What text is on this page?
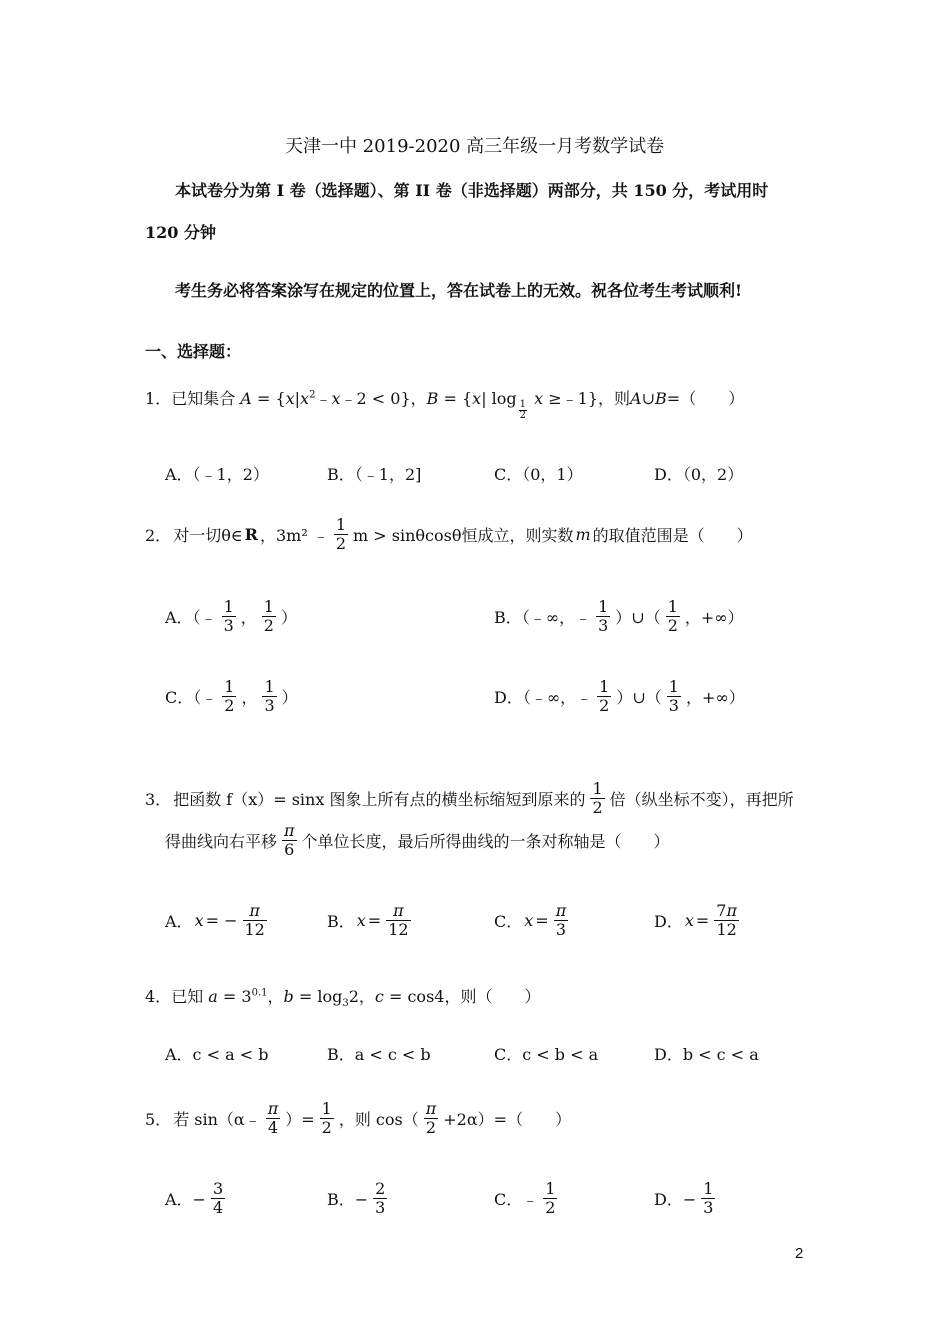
天津一中 2019-2020 高三年级一月考数学试卷
本试卷分为第 I 卷（选择题）、第 II 卷（非选择题）两部分，共 150 分，考试用时
120 分钟
考生务必将答案涂写在规定的位置上，答在试卷上的无效。祝各位考生考试顺利!
一、选择题：
1．已知集合 $A = \{x|x^2﹣x﹣2 < 0\}$，B = {x| log
$\frac{1}{2}$
x ≥﹣1}，则A∪B=（　　）
A．（﹣1，2）	B．（﹣1，2]	C．（0，1）	D．（0，2）
2． 对一切θ∈ R ，3m² ﹣ $\frac{1}{2}$ m > sinθcosθ恒成立，则实数 m 的取值范围是（　　）
A．（﹣ $\frac{1}{3}$ ， $\frac{1}{2}$ ）	B．（﹣∞，﹣ $\frac{1}{3}$ ）∪（ $\frac{1}{2}$ ，+∞）
C．（﹣ $\frac{1}{2}$ ， $\frac{1}{3}$ ）	D．（﹣∞，﹣ $\frac{1}{2}$ ）∪（ $\frac{1}{3}$ ，+∞）
3． 把函数 f（x）= sinx 图象上所有点的横坐标缩短到原来的 $\frac{1}{2}$ 倍（纵坐标不变），再把所
得曲线向右平移 $\frac{\pi}{6}$ 个单位长度，最后所得曲线的一条对称轴是（　　）
A． x = − $\frac{\pi}{12}$	B． $x = \frac{\pi}{12}$	C． $x = \frac{\pi}{3}$	D． $x = \frac{7\pi}{12}$
4．已知 $a = 3^{0.1}$，$b = \log_32$，c = cos4，则（　　）
A．c < a < b	B．a < c < b	C．c < b < a	D．b < c < a
5． 若 sin（α﹣ $\frac{\pi}{4}$ ）= $\frac{1}{2}$ ，则 $\cos( \frac{\pi}{2} +2\alpha)=$（　　）
A．− $\frac{3}{4}$	B．− $\frac{2}{3}$	C．﹣ $\frac{1}{2}$	D．− $\frac{1}{3}$
2
